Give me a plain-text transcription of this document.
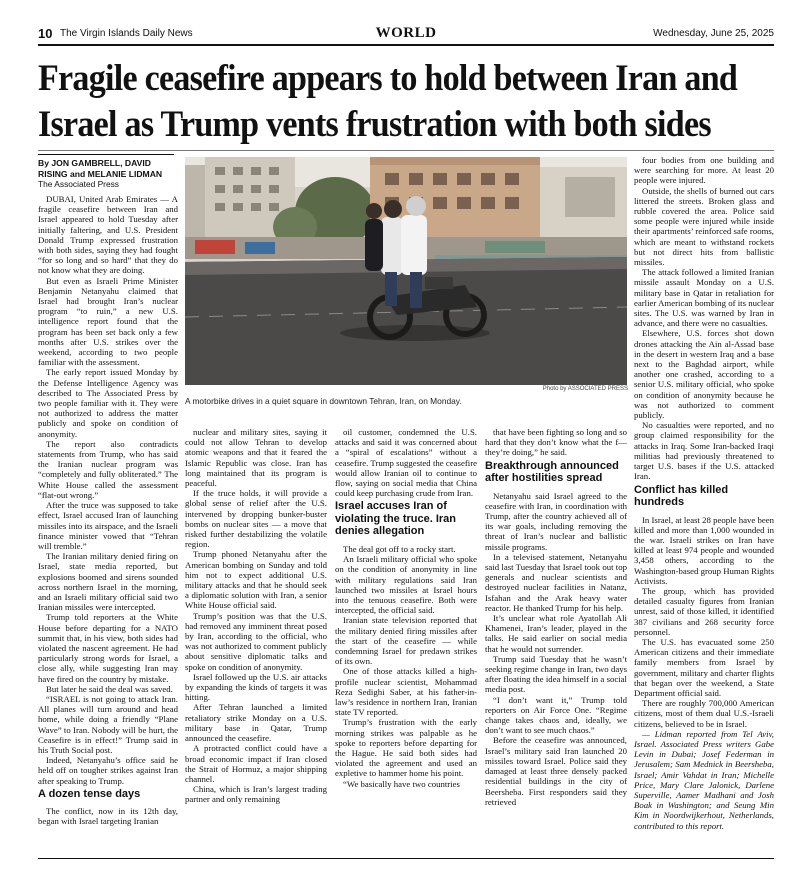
10 The Virgin Islands Daily News	WORLD	Wednesday, June 25, 2025
Fragile ceasefire appears to hold between Iran and
Israel as Trump vents frustration with both sides
By JON GAMBRELL, DAVID RISING and MELANIE LIDMAN
The Associated Press

DUBAI, United Arab Emirates — A fragile ceasefire between Iran and Israel appeared to hold Tuesday after initially faltering, and U.S. President Donald Trump expressed frustration with both sides, saying they had fought “for so long and so hard” that they do not know what they are doing.

But even as Israeli Prime Minister Benjamin Netanyahu claimed that Israel had brought Iran’s nuclear program “to ruin,” a new U.S. intelligence report found that the program has been set back only a few months after U.S. strikes over the weekend, according to two people familiar with the assessment.

The early report issued Monday by the Defense Intelligence Agency was described to The Associated Press by two people familiar with it. They were not authorized to address the matter publicly and spoke on condition of anonymity.

The report also contradicts statements from Trump, who has said the Iranian nuclear program was “completely and fully obliterated.” The White House called the assessment “flat-out wrong.”

After the truce was supposed to take effect, Israel accused Iran of launching missiles into its airspace, and the Israeli finance minister vowed that “Tehran will tremble.”

The Iranian military denied firing on Israel, state media reported, but explosions boomed and sirens sounded across northern Israel in the morning, and an Israeli military official said two Iranian missiles were intercepted.

Trump told reporters at the White House before departing for a NATO summit that, in his view, both sides had violated the nascent agreement. He had particularly strong words for Israel, a close ally, while suggesting Iran may have fired on the country by mistake.

But later he said the deal was saved.

“ISRAEL is not going to attack Iran. All planes will turn around and head home, while doing a friendly “Plane Wave” to Iran. Nobody will be hurt, the Ceasefire is in effect!” Trump said in his Truth Social post.

Indeed, Netanyahu’s office said he held off on tougher strikes against Iran after speaking to Trump.

A dozen tense days

The conflict, now in its 12th day, began with Israel targeting Iranian

Photo by ASSOCIATED PRESS
A motorbike drives in a quiet square in downtown Tehran, Iran, on Monday.

nuclear and military sites, saying it could not allow Tehran to develop atomic weapons and that it feared the Islamic Republic was close. Iran has long maintained that its program is peaceful.

If the truce holds, it will provide a global sense of relief after the U.S. intervened by dropping bunker-buster bombs on nuclear sites — a move that risked further destabilizing the volatile region.

Trump phoned Netanyahu after the American bombing on Sunday and told him not to expect additional U.S. military attacks and that he should seek a diplomatic solution with Iran, a senior White House official said.

Trump’s position was that the U.S. had removed any imminent threat posed by Iran, according to the official, who was not authorized to comment publicly about sensitive diplomatic talks and spoke on condition of anonymity.

Israel followed up the U.S. air attacks by expanding the kinds of targets it was hitting.

After Tehran launched a limited retaliatory strike Monday on a U.S. military base in Qatar, Trump announced the ceasefire.

A protracted conflict could have a broad economic impact if Iran closed the Strait of Hormuz, a major shipping channel.

China, which is Iran’s largest trading partner and only remaining

oil customer, condemned the U.S. attacks and said it was concerned about a “spiral of escalations” without a ceasefire. Trump suggested the ceasefire would allow Iranian oil to continue to flow, saying on social media that China could keep purchasing crude from Iran.

Israel accuses Iran of violating the truce. Iran denies allegation

The deal got off to a rocky start.

An Israeli military official who spoke on the condition of anonymity in line with military regulations said Iran launched two missiles at Israel hours into the tenuous ceasefire. Both were intercepted, the official said.

Iranian state television reported that the military denied firing missiles after the start of the ceasefire — while condemning Israel for predawn strikes of its own.

One of those attacks killed a high-profile nuclear scientist, Mohammad Reza Sedighi Saber, at his father-in-law’s residence in northern Iran, Iranian state TV reported.

Trump’s frustration with the early morning strikes was palpable as he spoke to reporters before departing for the Hague. He said both sides had violated the agreement and used an expletive to hammer home his point.

“We basically have two countries

that have been fighting so long and so hard that they don’t know what the f— they’re doing,” he said.

Breakthrough announced after hostilities spread

Netanyahu said Israel agreed to the ceasefire with Iran, in coordination with Trump, after the country achieved all of its war goals, including removing the threat of Iran’s nuclear and ballistic missile programs.

In a televised statement, Netanyahu said last Tuesday that Israel took out top generals and nuclear scientists and destroyed nuclear facilities in Natanz, Isfahan and the Arak heavy water reactor. He thanked Trump for his help.

It’s unclear what role Ayatollah Ali Khamenei, Iran’s leader, played in the talks. He said earlier on social media that he would not surrender.

Trump said Tuesday that he wasn’t seeking regime change in Iran, two days after floating the idea himself in a social media post.

“I don’t want it,” Trump told reporters on Air Force One. “Regime change takes chaos and, ideally, we don’t want to see much chaos.”

Before the ceasefire was announced, Israel’s military said Iran launched 20 missiles toward Israel. Police said they damaged at least three densely packed residential buildings in the city of Beersheba. First responders said they retrieved

four bodies from one building and were searching for more. At least 20 people were injured.

Outside, the shells of burned out cars littered the streets. Broken glass and rubble covered the area. Police said some people were injured while inside their apartments’ reinforced safe rooms, which are meant to withstand rockets but not direct hits from ballistic missiles.

The attack followed a limited Iranian missile assault Monday on a U.S. military base in Qatar in retaliation for earlier American bombing of its nuclear sites. The U.S. was warned by Iran in advance, and there were no casualties.

Elsewhere, U.S. forces shot down drones attacking the Ain al-Assad base in the desert in western Iraq and a base next to the Baghdad airport, while another one crashed, according to a senior U.S. military official, who spoke on condition of anonymity because he was not authorized to comment publicly.

No casualties were reported, and no group claimed responsibility for the attacks in Iraq. Some Iran-backed Iraqi militias had previously threatened to target U.S. bases if the U.S. attacked Iran.

Conflict has killed hundreds

In Israel, at least 28 people have been killed and more than 1,000 wounded in the war. Israeli strikes on Iran have killed at least 974 people and wounded 3,458 others, according to the Washington-based group Human Rights Activists.

The group, which has provided detailed casualty figures from Iranian unrest, said of those killed, it identified 387 civilians and 268 security force personnel.

The U.S. has evacuated some 250 American citizens and their immediate family members from Israel by government, military and charter flights that began over the weekend, a State Department official said.

There are roughly 700,000 American citizens, most of them dual U.S.-Israeli citizens, believed to be in Israel.

— Lidman reported from Tel Aviv, Israel. Associated Press writers Gabe Levin in Dubai; Josef Federman in Jerusalem; Sam Mednick in Beersheba, Israel; Amir Vahdat in Iran; Michelle Price, Mary Clare Jalonick, Darlene Superville, Aamer Madhani and Josh Boak in Washington; and Seung Min Kim in Noordwijkerhout, Netherlands, contributed to this report.
